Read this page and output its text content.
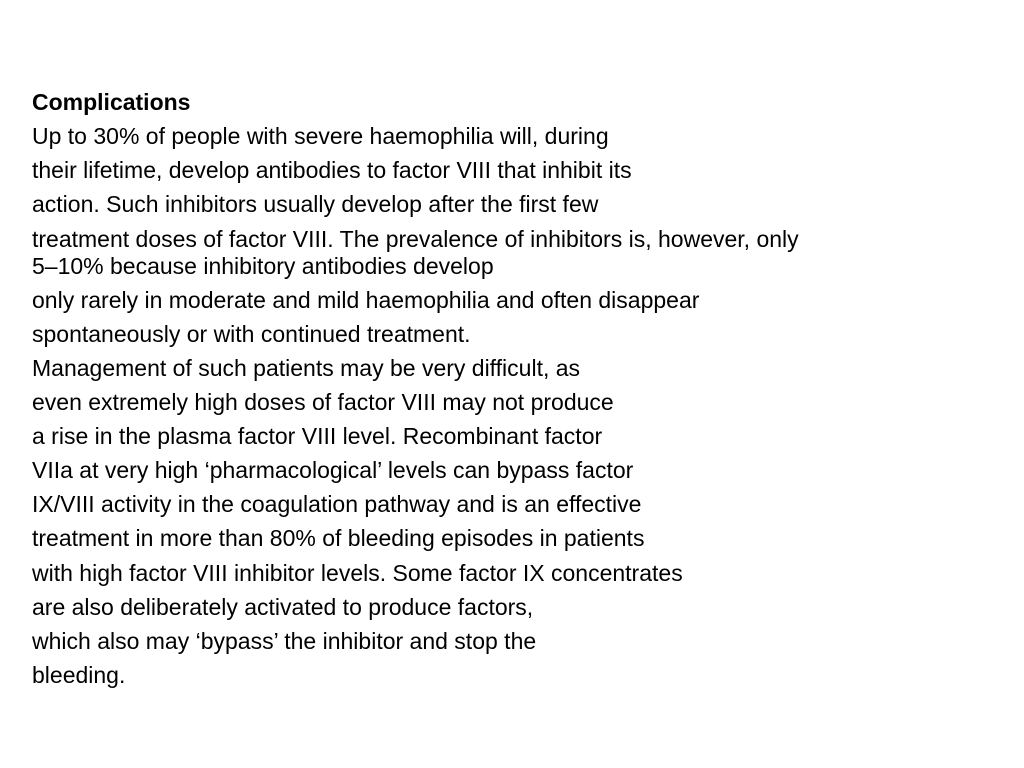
Complications
Up to 30% of people with severe haemophilia will, during
their lifetime, develop antibodies to factor VIII that inhibit its
action. Such inhibitors usually develop after the first few
treatment doses of factor VIII. The prevalence of inhibitors is, however, only
5–10% because inhibitory antibodies develop
only rarely in moderate and mild haemophilia and often disappear
spontaneously or with continued treatment.
Management of such patients may be very difficult, as
even extremely high doses of factor VIII may not produce
a rise in the plasma factor VIII level. Recombinant factor
VIIa at very high ‘pharmacological’ levels can bypass factor
IX/VIII activity in the coagulation pathway and is an effective
treatment in more than 80% of bleeding episodes in patients
with high factor VIII inhibitor levels. Some factor IX concentrates
are also deliberately activated to produce factors,
which also may ‘bypass’ the inhibitor and stop the
bleeding.
